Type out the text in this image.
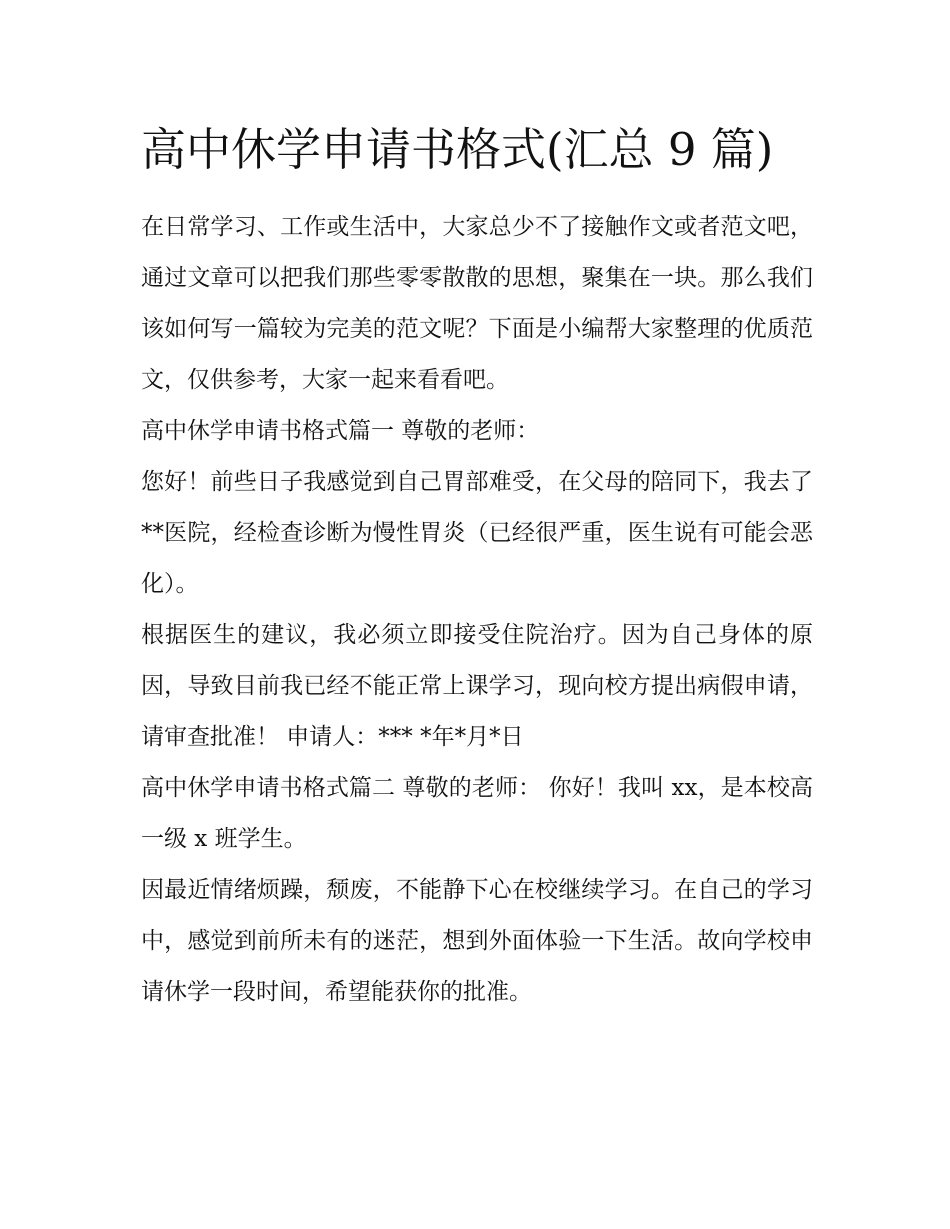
高中休学申请书格式(汇总 9 篇)

在日常学习、工作或生活中，大家总少不了接触作文或者范文吧，通过文章可以把我们那些零零散散的思想，聚集在一块。那么我们该如何写一篇较为完美的范文呢？下面是小编帮大家整理的优质范文，仅供参考，大家一起来看看吧。

高中休学申请书格式篇一 尊敬的老师：

您好！前些日子我感觉到自己胃部难受，在父母的陪同下，我去了**医院，经检查诊断为慢性胃炎（已经很严重，医生说有可能会恶化）。

根据医生的建议，我必须立即接受住院治疗。因为自己身体的原因，导致目前我已经不能正常上课学习，现向校方提出病假申请，请审查批准！ 申请人：*** *年*月*日

高中休学申请书格式篇二 尊敬的老师： 你好！我叫 xx，是本校高一级 x 班学生。

因最近情绪烦躁，颓废，不能静下心在校继续学习。在自己的学习中，感觉到前所未有的迷茫，想到外面体验一下生活。故向学校申请休学一段时间，希望能获你的批准。
